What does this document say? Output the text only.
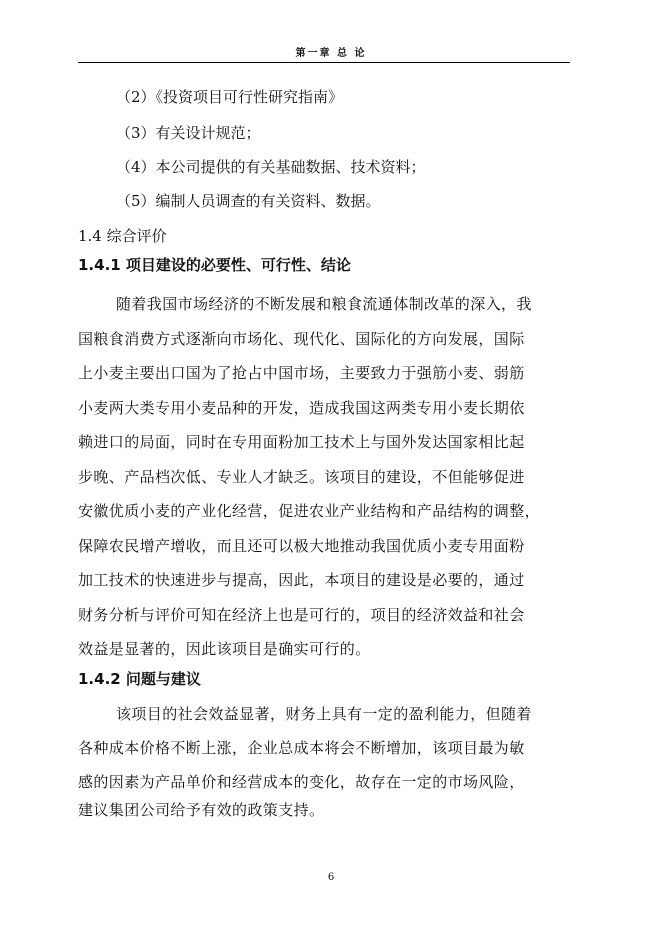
第一章 总 论
（2）《投资项目可行性研究指南》
（3）有关设计规范；
（4）本公司提供的有关基础数据、技术资料；
（5）编制人员调查的有关资料、数据。
1.4 综合评价
1.4.1 项目建设的必要性、可行性、结论
随着我国市场经济的不断发展和粮食流通体制改革的深入，我
国粮食消费方式逐渐向市场化、现代化、国际化的方向发展，国际
上小麦主要出口国为了抢占中国市场，主要致力于强筋小麦、弱筋
小麦两大类专用小麦品种的开发，造成我国这两类专用小麦长期依
赖进口的局面，同时在专用面粉加工技术上与国外发达国家相比起
步晚、产品档次低、专业人才缺乏。该项目的建设，不但能够促进
安徽优质小麦的产业化经营，促进农业产业结构和产品结构的调整，
保障农民增产增收，而且还可以极大地推动我国优质小麦专用面粉
加工技术的快速进步与提高，因此，本项目的建设是必要的，通过
财务分析与评价可知在经济上也是可行的，项目的经济效益和社会
效益是显著的，因此该项目是确实可行的。
1.4.2 问题与建议
该项目的社会效益显著，财务上具有一定的盈利能力，但随着
各种成本价格不断上涨，企业总成本将会不断增加，该项目最为敏
感的因素为产品单价和经营成本的变化，故存在一定的市场风险，
建议集团公司给予有效的政策支持。
6
